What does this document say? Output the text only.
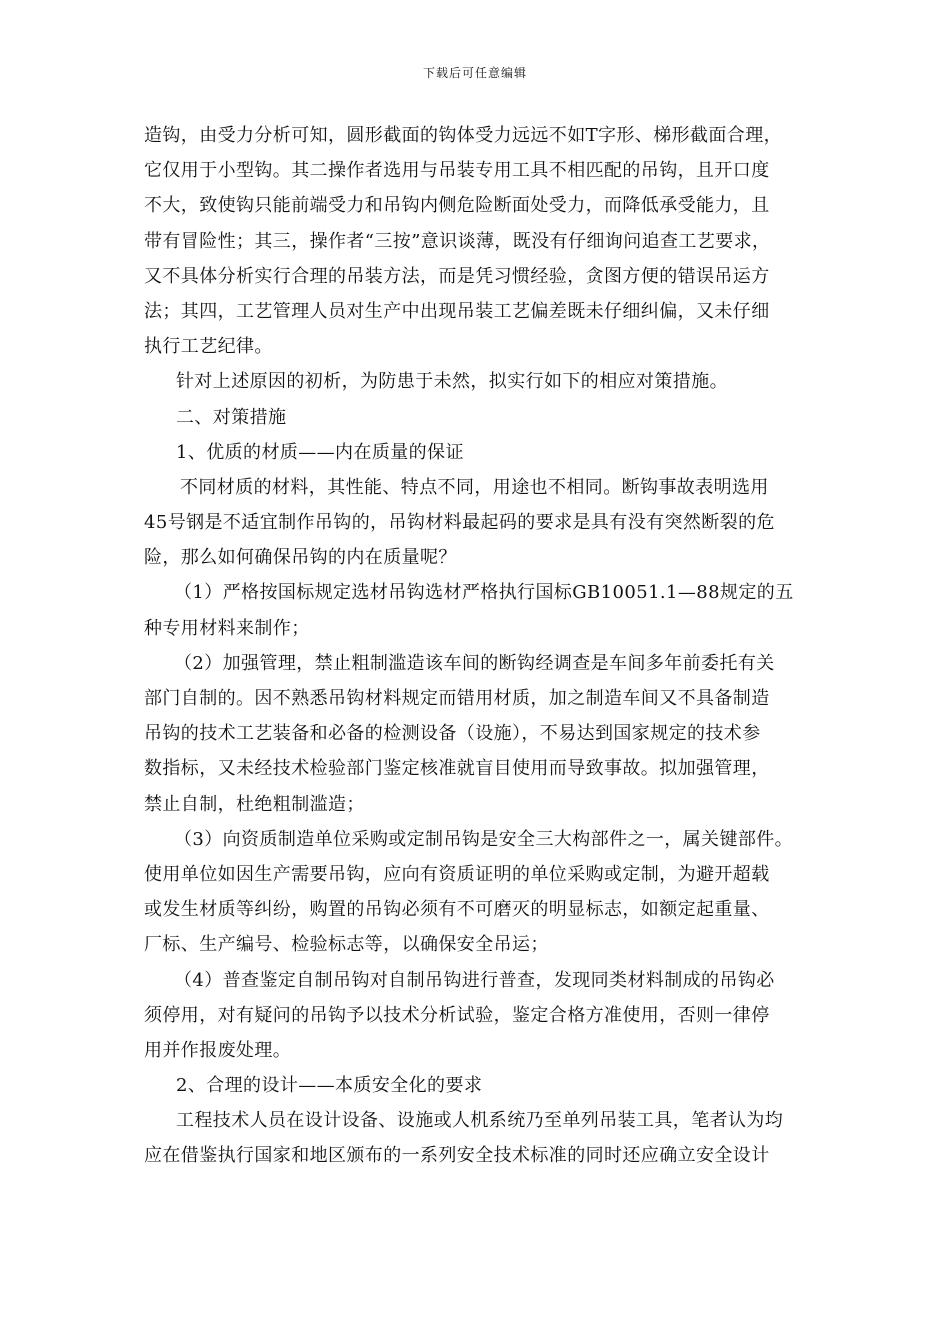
下载后可任意编辑
造钩，由受力分析可知，圆形截面的钩体受力远远不如T字形、梯形截面合理，
它仅用于小型钩。其二操作者选用与吊装专用工具不相匹配的吊钩，且开口度
不大，致使钩只能前端受力和吊钩内侧危险断面处受力，而降低承受能力，且
带有冒险性；其三，操作者“三按”意识谈薄，既没有仔细询问追查工艺要求，
又不具体分析实行合理的吊装方法，而是凭习惯经验，贪图方便的错误吊运方
法；其四，工艺管理人员对生产中出现吊装工艺偏差既未仔细纠偏，又未仔细
执行工艺纪律。
针对上述原因的初析，为防患于未然，拟实行如下的相应对策措施。
二、对策措施
1、优质的材质——内在质量的保证
不同材质的材料，其性能、特点不同，用途也不相同。断钩事故表明选用
45号钢是不适宜制作吊钩的，吊钩材料最起码的要求是具有没有突然断裂的危
险，那么如何确保吊钩的内在质量呢？
（1）严格按国标规定选材吊钩选材严格执行国标GB10051.1—88规定的五
种专用材料来制作；
（2）加强管理，禁止粗制滥造该车间的断钩经调查是车间多年前委托有关
部门自制的。因不熟悉吊钩材料规定而错用材质，加之制造车间又不具备制造
吊钩的技术工艺装备和必备的检测设备（设施），不易达到国家规定的技术参
数指标，又未经技术检验部门鉴定核准就盲目使用而导致事故。拟加强管理，
禁止自制，杜绝粗制滥造；
（3）向资质制造单位采购或定制吊钩是安全三大构部件之一，属关键部件。
使用单位如因生产需要吊钩，应向有资质证明的单位采购或定制，为避开超载
或发生材质等纠纷，购置的吊钩必须有不可磨灭的明显标志，如额定起重量、
厂标、生产编号、检验标志等，以确保安全吊运；
（4）普查鉴定自制吊钩对自制吊钩进行普查，发现同类材料制成的吊钩必
须停用，对有疑问的吊钩予以技术分析试验，鉴定合格方准使用，否则一律停
用并作报废处理。
2、合理的设计——本质安全化的要求
工程技术人员在设计设备、设施或人机系统乃至单列吊装工具，笔者认为均
应在借鉴执行国家和地区颁布的一系列安全技术标准的同时还应确立安全设计
